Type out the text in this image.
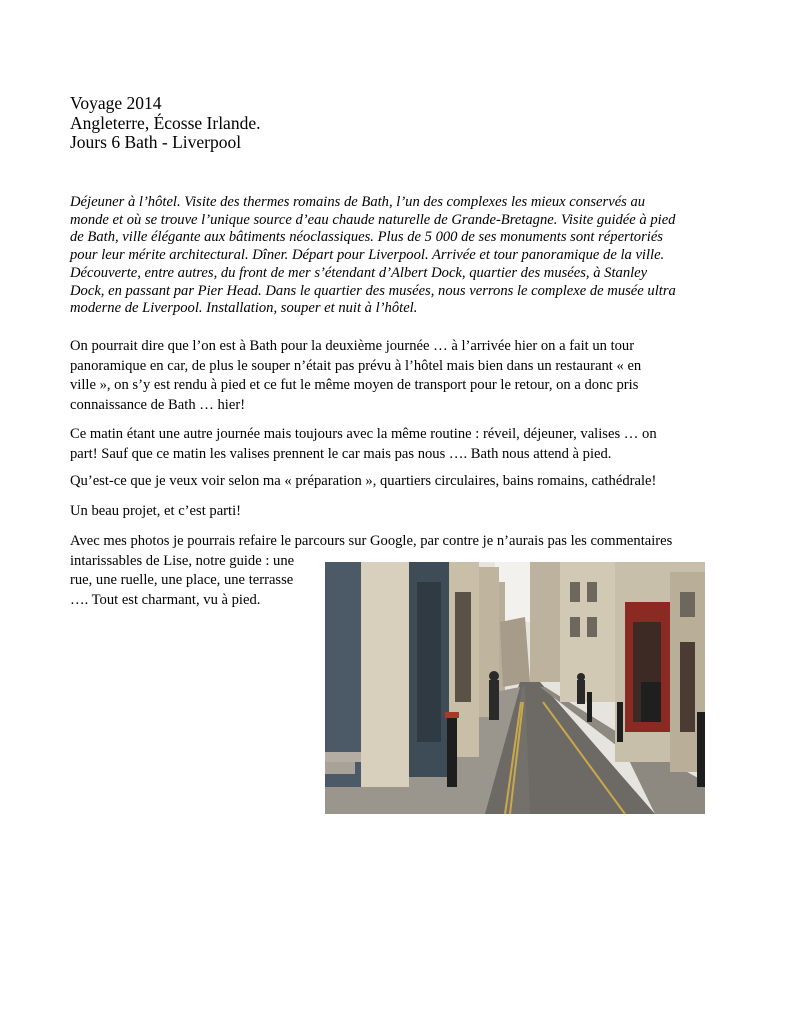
Voyage 2014
Angleterre, Écosse Irlande.
Jours 6 Bath - Liverpool
Déjeuner à l’hôtel. Visite des thermes romains de Bath, l’un des complexes les mieux conservés au
monde et où se trouve l’unique source d’eau chaude naturelle de Grande-Bretagne. Visite guidée à pied
de Bath, ville élégante aux bâtiments néoclassiques. Plus de 5 000 de ses monuments sont répertoriés
pour leur mérite architectural. Dîner. Départ pour Liverpool. Arrivée et tour panoramique de la ville.
Découverte, entre autres, du front de mer s’étendant d’Albert Dock, quartier des musées, à Stanley
Dock, en passant par Pier Head. Dans le quartier des musées, nous verrons le complexe de musée ultra
moderne de Liverpool. Installation, souper et nuit à l’hôtel.
On pourrait dire que l’on est à Bath pour la deuxième journée … à l’arrivée hier on a fait un tour
panoramique en car, de plus le souper n’était pas prévu à l’hôtel mais bien dans un restaurant « en
ville », on s’y est rendu à pied et ce fut le même moyen de transport pour le retour, on a donc pris
connaissance de Bath … hier!
Ce matin étant une autre journée mais toujours avec la même routine : réveil, déjeuner, valises … on
part! Sauf que ce matin les valises prennent le car mais pas nous …. Bath nous attend à pied.
Qu’est-ce que je veux voir selon ma « préparation », quartiers circulaires, bains romains, cathédrale!
Un beau projet, et c’est parti!
Avec mes photos je pourrais refaire le parcours sur Google, par contre je n’aurais pas les commentaires
intarissables de Lise, notre guide : une
rue, une ruelle, une place, une terrasse
…. Tout est charmant, vu à pied.
